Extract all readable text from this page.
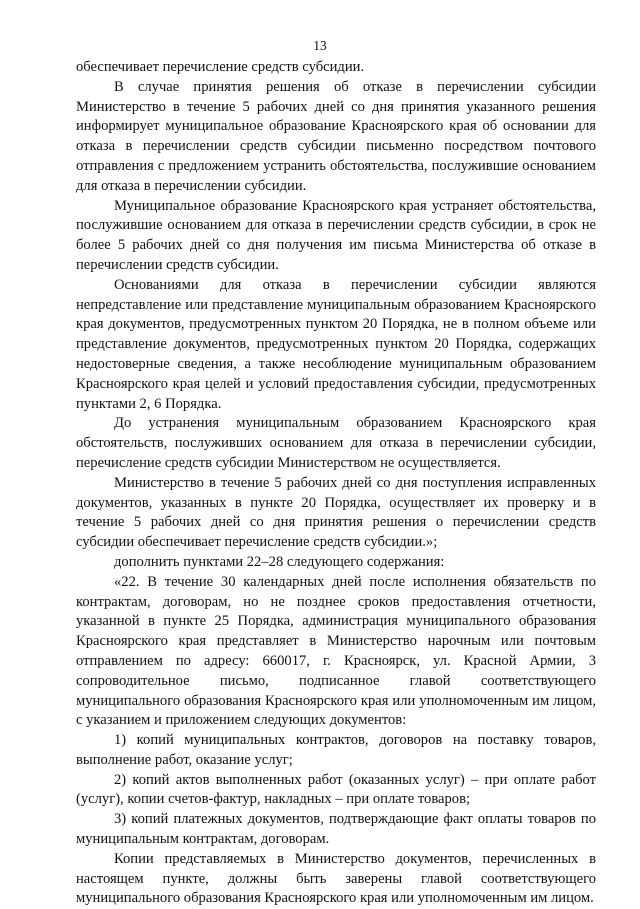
13

обеспечивает перечисление средств субсидии.

В случае принятия решения об отказе в перечислении субсидии Министерство в течение 5 рабочих дней со дня принятия указанного решения информирует муниципальное образование Красноярского края об основании для отказа в перечислении средств субсидии письменно посредством почтового отправления с предложением устранить обстоятельства, послужившие основанием для отказа в перечислении субсидии.

Муниципальное образование Красноярского края устраняет обстоятельства, послужившие основанием для отказа в перечислении средств субсидии, в срок не более 5 рабочих дней со дня получения им письма Министерства об отказе в перечислении средств субсидии.

Основаниями для отказа в перечислении субсидии являются непредставление или представление муниципальным образованием Красноярского края документов, предусмотренных пунктом 20 Порядка, не в полном объеме или представление документов, предусмотренных пунктом 20 Порядка, содержащих недостоверные сведения, а также несоблюдение муниципальным образованием Красноярского края целей и условий предоставления субсидии, предусмотренных пунктами 2, 6 Порядка.

До устранения муниципальным образованием Красноярского края обстоятельств, послуживших основанием для отказа в перечислении субсидии, перечисление средств субсидии Министерством не осуществляется.

Министерство в течение 5 рабочих дней со дня поступления исправленных документов, указанных в пункте 20 Порядка, осуществляет их проверку и в течение 5 рабочих дней со дня принятия решения о перечислении средств субсидии обеспечивает перечисление средств субсидии.»;

дополнить пунктами 22–28 следующего содержания:

«22. В течение 30 календарных дней после исполнения обязательств по контрактам, договорам, но не позднее сроков предоставления отчетности, указанной в пункте 25 Порядка, администрация муниципального образования Красноярского края представляет в Министерство нарочным или почтовым отправлением по адресу: 660017, г. Красноярск, ул. Красной Армии, 3 сопроводительное письмо, подписанное главой соответствующего муниципального образования Красноярского края или уполномоченным им лицом, с указанием и приложением следующих документов:

1) копий муниципальных контрактов, договоров на поставку товаров, выполнение работ, оказание услуг;

2) копий актов выполненных работ (оказанных услуг) – при оплате работ (услуг), копии счетов-фактур, накладных – при оплате товаров;

3) копий платежных документов, подтверждающие факт оплаты товаров по муниципальным контрактам, договорам.

Копии представляемых в Министерство документов, перечисленных в настоящем пункте, должны быть заверены главой соответствующего муниципального образования Красноярского края или уполномоченным им лицом.
